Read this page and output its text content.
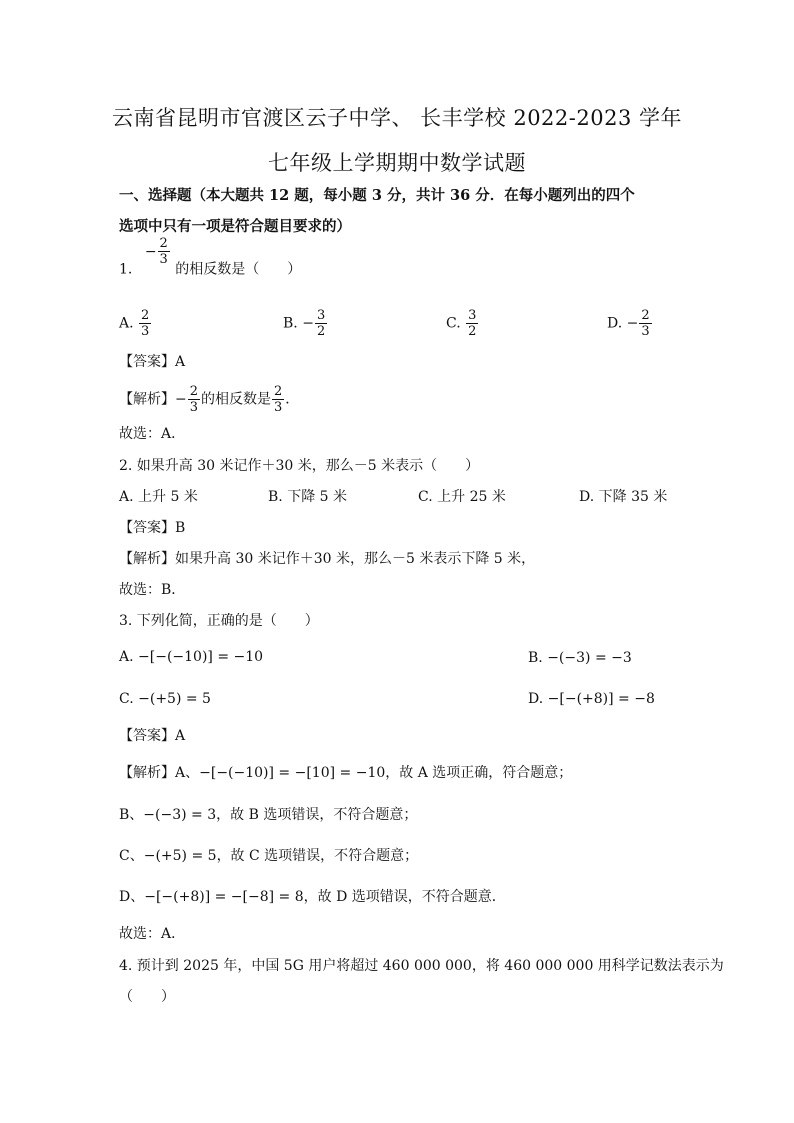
云南省昆明市官渡区云子中学、 长丰学校 2022-2023 学年
七年级上学期期中数学试题
一、选择题（本大题共 12 题，每小题 3 分，共计 36 分．在每小题列出的四个
选项中只有一项是符合题目要求的）
1. − $\frac{2}{3}$
的相反数是（　　）
A. $\frac{2}{3}$	B. − $\frac{3}{2}$	C. $\frac{3}{2}$	D. − $\frac{2}{3}$
【答案】A
【解析】− $\frac{2}{3}$ 的相反数是 $\frac{2}{3}$ ．
故选：A．
2. 如果升高 30 米记作＋30 米，那么－5 米表示（　　）
A. 上升 5 米	B. 下降 5 米	C. 上升 25 米	D. 下降 35 米
【答案】B
【解析】如果升高 30 米记作＋30 米，那么－5 米表示下降 5 米，
故选：B．
3. 下列化简，正确的是（　　）
A. −[−(−10)] = −10	B. −(−3) = −3
C. −(+5) = 5	D. −[−(+8)] = −8
【答案】A
【解析】A、−[−(−10)] = −[10] = −10，故 A 选项正确，符合题意；
B、−(−3) = 3，故 B 选项错误，不符合题意；
C、−(+5) = 5，故 C 选项错误，不符合题意；
D、−[−(+8)] = −[−8] = 8，故 D 选项错误，不符合题意．
故选：A．
4. 预计到 2025 年，中国 5G 用户将超过 460 000 000，将 460 000 000 用科学记数法表示为
（　　）
